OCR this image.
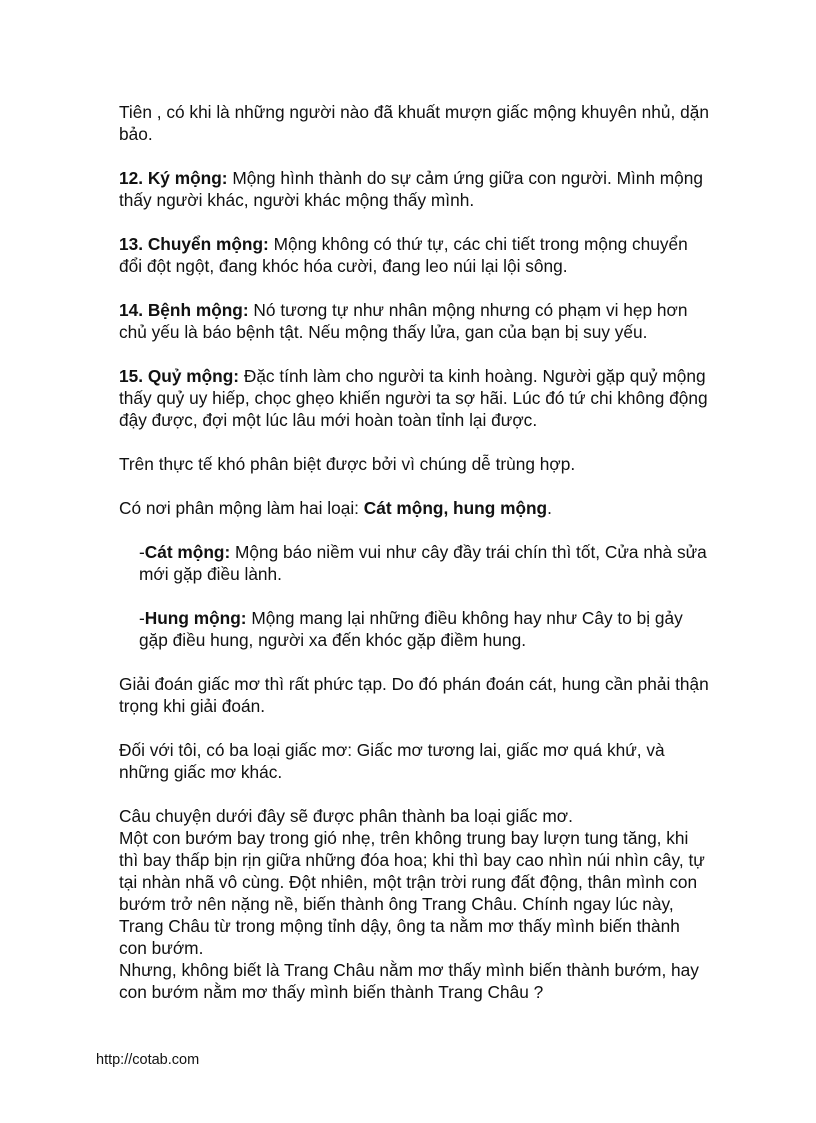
Tiên , có khi là những người nào đã khuất mượn giấc mộng khuyên nhủ, dặn bảo.

12. Ký mộng: Mộng hình thành do sự cảm ứng giữa con người. Mình mộng thấy người khác, người khác mộng thấy mình.

13. Chuyển mộng: Mộng không có thứ tự, các chi tiết trong mộng chuyển đổi đột ngột, đang khóc hóa cười, đang leo núi lại lội sông.

14. Bệnh mộng: Nó tương tự như nhân mộng nhưng có phạm vi hẹp hơn chủ yếu là báo bệnh tật. Nếu mộng thấy lửa, gan của bạn bị suy yếu.

15. Quỷ mộng: Đặc tính làm cho người ta kinh hoàng. Người gặp quỷ mộng thấy quỷ uy hiếp, chọc ghẹo khiến người ta sợ hãi. Lúc đó tứ chi không động đậy được, đợi một lúc lâu mới hoàn toàn tỉnh lại được.

Trên thực tế khó phân biệt được bởi vì chúng dễ trùng hợp.

Có nơi phân mộng làm hai loại: Cát mộng, hung mộng.

-Cát mộng: Mộng báo niềm vui như cây đầy trái chín thì tốt, Cửa nhà sửa mới gặp điều lành.

-Hung mộng: Mộng mang lại những điều không hay như Cây to bị gảy gặp điều hung, người xa đến khóc gặp điềm hung.

Giải đoán giấc mơ thì rất phức tạp. Do đó phán đoán cát, hung cần phải thận trọng khi giải đoán.

Đối với tôi, có ba loại giấc mơ: Giấc mơ tương lai, giấc mơ quá khứ, và những giấc mơ khác.

Câu chuyện dưới đây sẽ được phân thành ba loại giấc mơ.

Một con bướm bay trong gió nhẹ, trên không trung bay lượn tung tăng, khi thì bay thấp bịn rịn giữa những đóa hoa; khi thì bay cao nhìn núi nhìn cây, tự tại nhàn nhã vô cùng. Đột nhiên, một trận trời rung đất động, thân mình con bướm trở nên nặng nề, biến thành ông Trang Châu. Chính ngay lúc này, Trang Châu từ trong mộng tỉnh dậy, ông ta nằm mơ thấy mình biến thành con bướm.

Nhưng, không biết là Trang Châu nằm mơ thấy mình biến thành bướm, hay con bướm nằm mơ thấy mình biến thành Trang Châu ?

http://cotab.com
